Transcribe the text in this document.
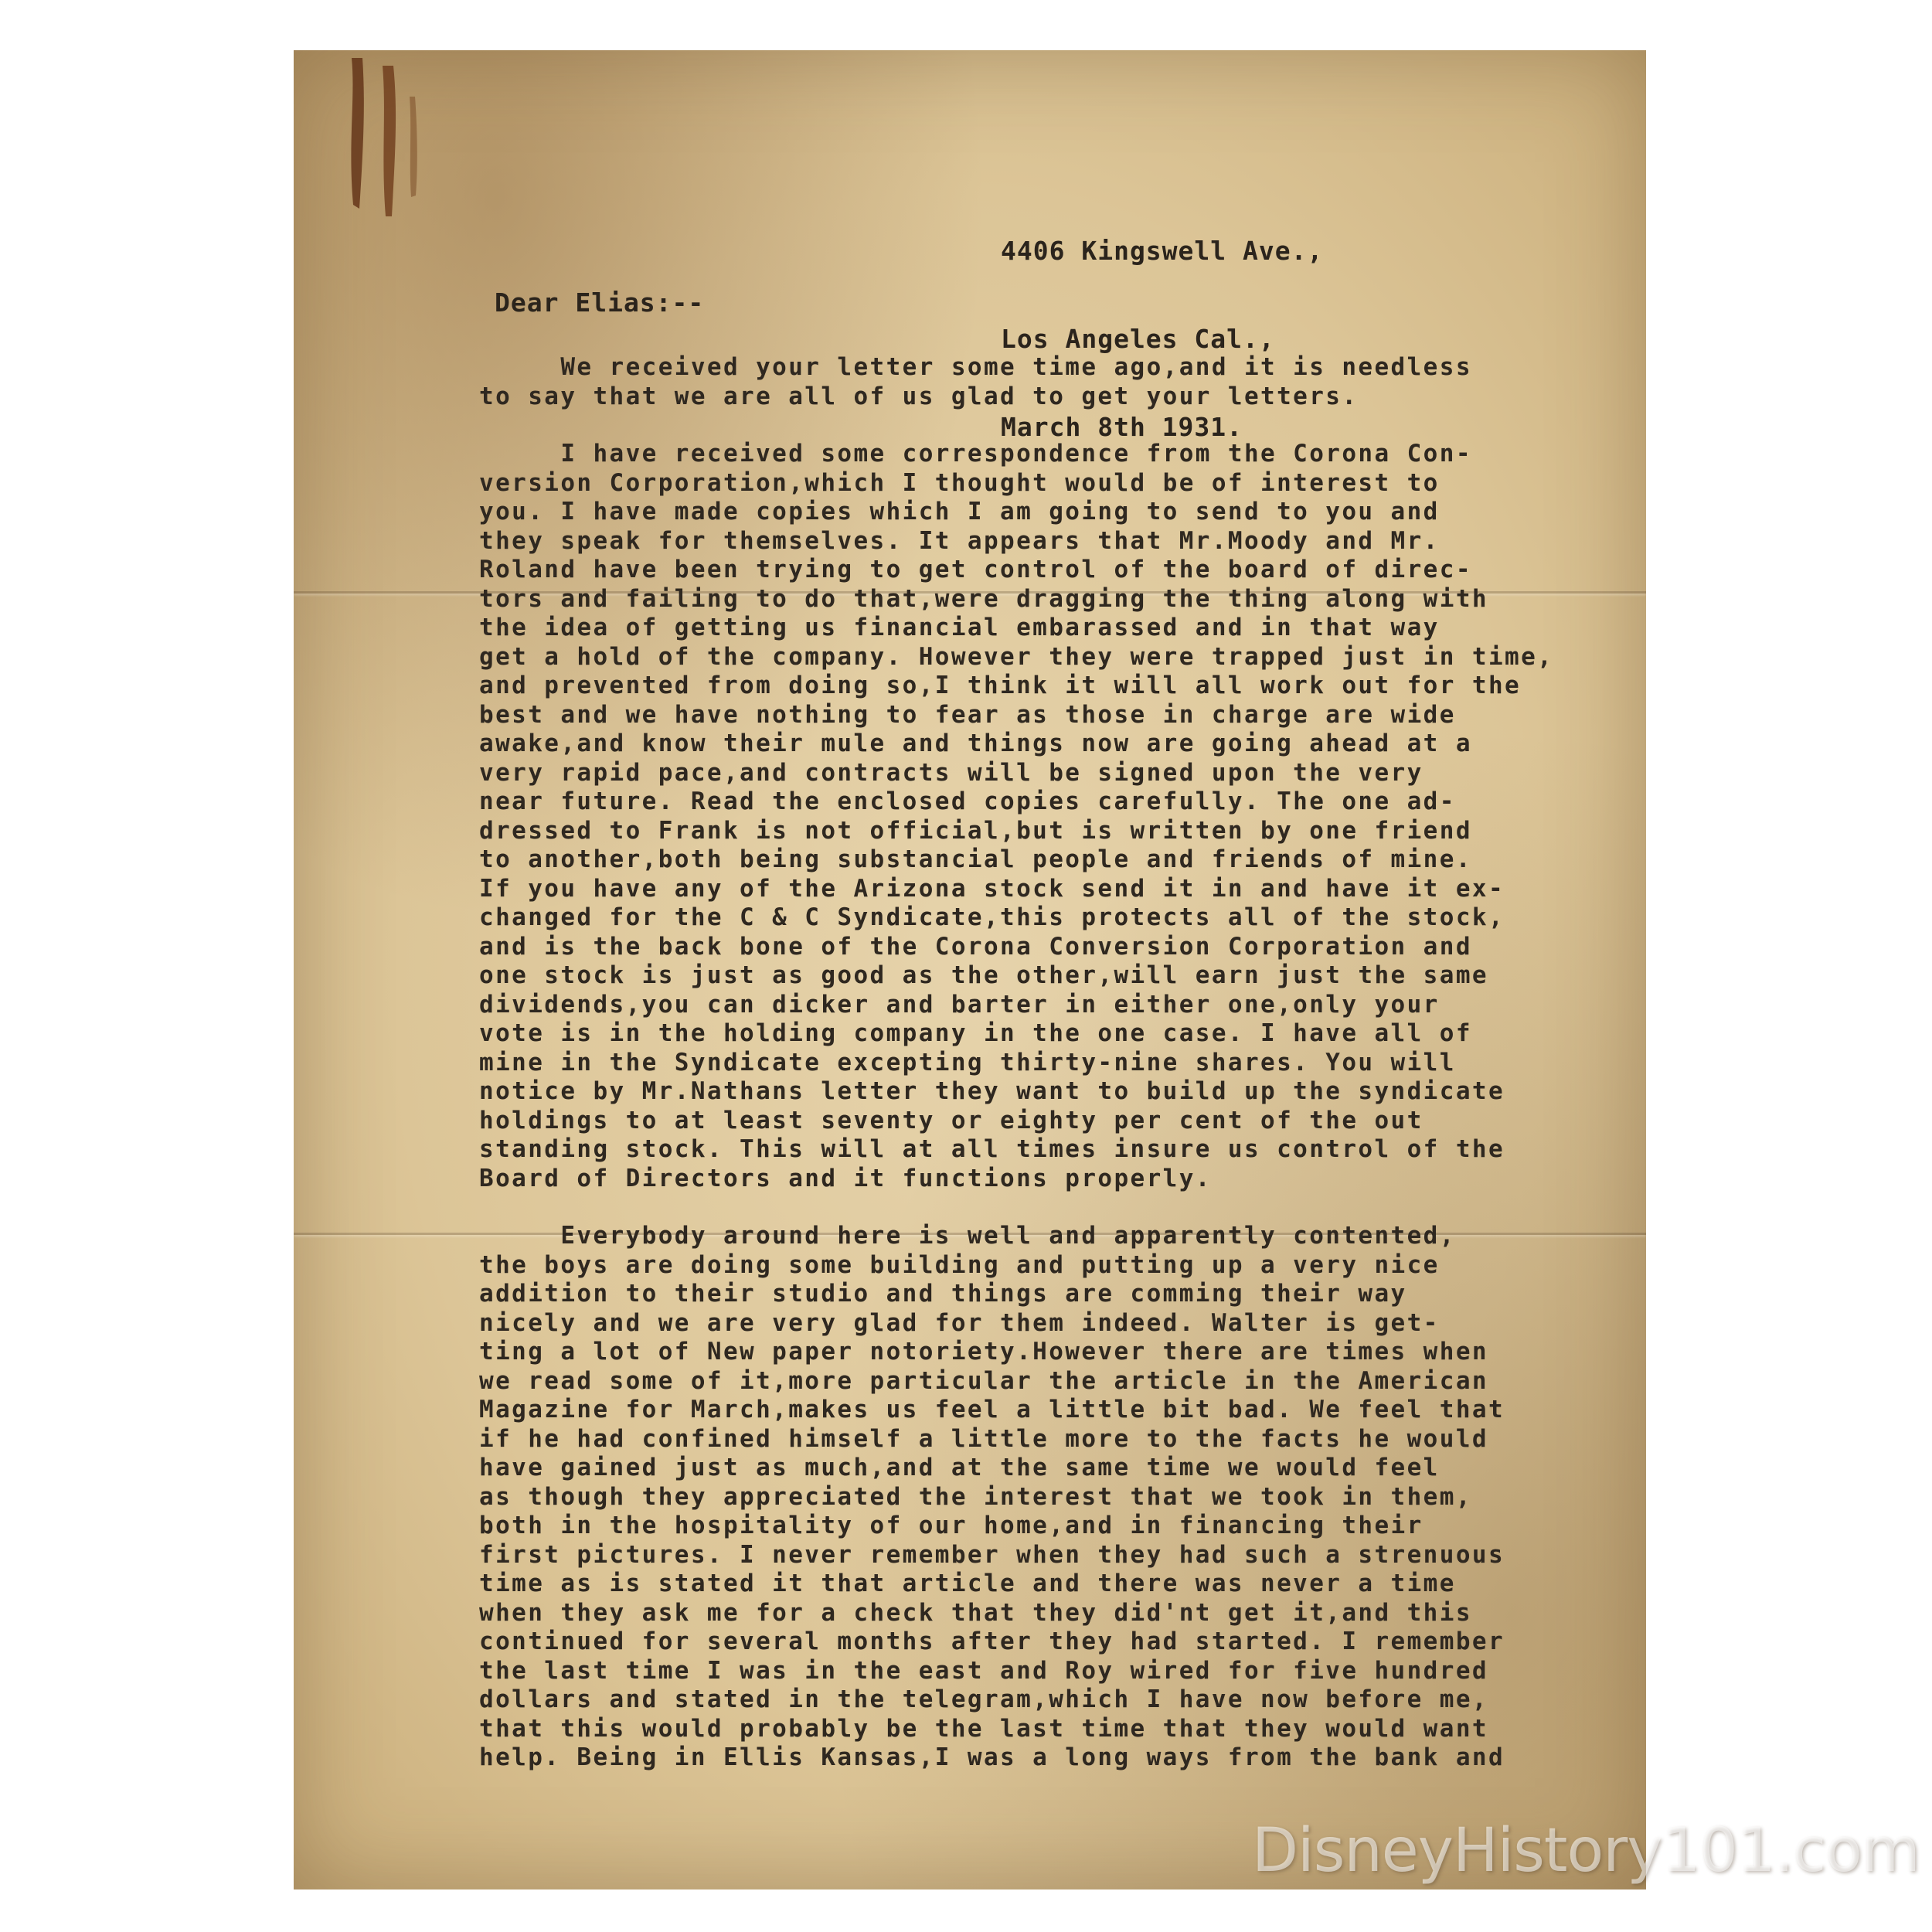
4406 Kingswell Ave.,

Los Angeles Cal.,

March 8th 1931.

Dear Elias:--
We received your letter some time ago,and it is needless
to say that we are all of us glad to get your letters.
I have received some correspondence from the Corona Con-
version Corporation,which I thought would be of interest to
you. I have made copies which I am going to send to you and
they speak for themselves. It appears that Mr.Moody and Mr.
Roland have been trying to get control of the board of direc-
tors and failing to do that,were dragging the thing along with
the idea of getting us financial embarassed and in that way
get a hold of the company. However they were trapped just in time,
and prevented from doing so,I think it will all work out for the
best and we have nothing to fear as those in charge are wide
awake,and know their mule and things now are going ahead at a
very rapid pace,and contracts will be signed upon the very
near future. Read the enclosed copies carefully. The one ad-
dressed to Frank is not official,but is written by one friend
to another,both being substancial people and friends of mine.
If you have any of the Arizona stock send it in and have it ex-
changed for the C & C Syndicate,this protects all of the stock,
and is the back bone of the Corona Conversion Corporation and
one stock is just as good as the other,will earn just the same
dividends,you can dicker and barter in either one,only your
vote is in the holding company in the one case. I have all of
mine in the Syndicate excepting thirty-nine shares. You will
notice by Mr.Nathans letter they want to build up the syndicate
holdings to at least seventy or eighty per cent of the out
standing stock. This will at all times insure us control of the
Board of Directors and it functions properly.
Everybody around here is well and apparently contented,
the boys are doing some building and putting up a very nice
addition to their studio and things are comming their way
nicely and we are very glad for them indeed. Walter is get-
ting a lot of New paper notoriety.However there are times when
we read some of it,more particular the article in the American
Magazine for March,makes us feel a little bit bad. We feel that
if he had confined himself a little more to the facts he would
have gained just as much,and at the same time we would feel
as though they appreciated the interest that we took in them,
both in the hospitality of our home,and in financing their
first pictures. I never remember when they had such a strenuous
time as is stated it that article and there was never a time
when they ask me for a check that they did'nt get it,and this
continued for several months after they had started. I remember
the last time I was in the east and Roy wired for five hundred
dollars and stated in the telegram,which I have now before me,
that this would probably be the last time that they would want
help. Being in Ellis Kansas,I was a long ways from the bank and
DisneyHistory101.com
